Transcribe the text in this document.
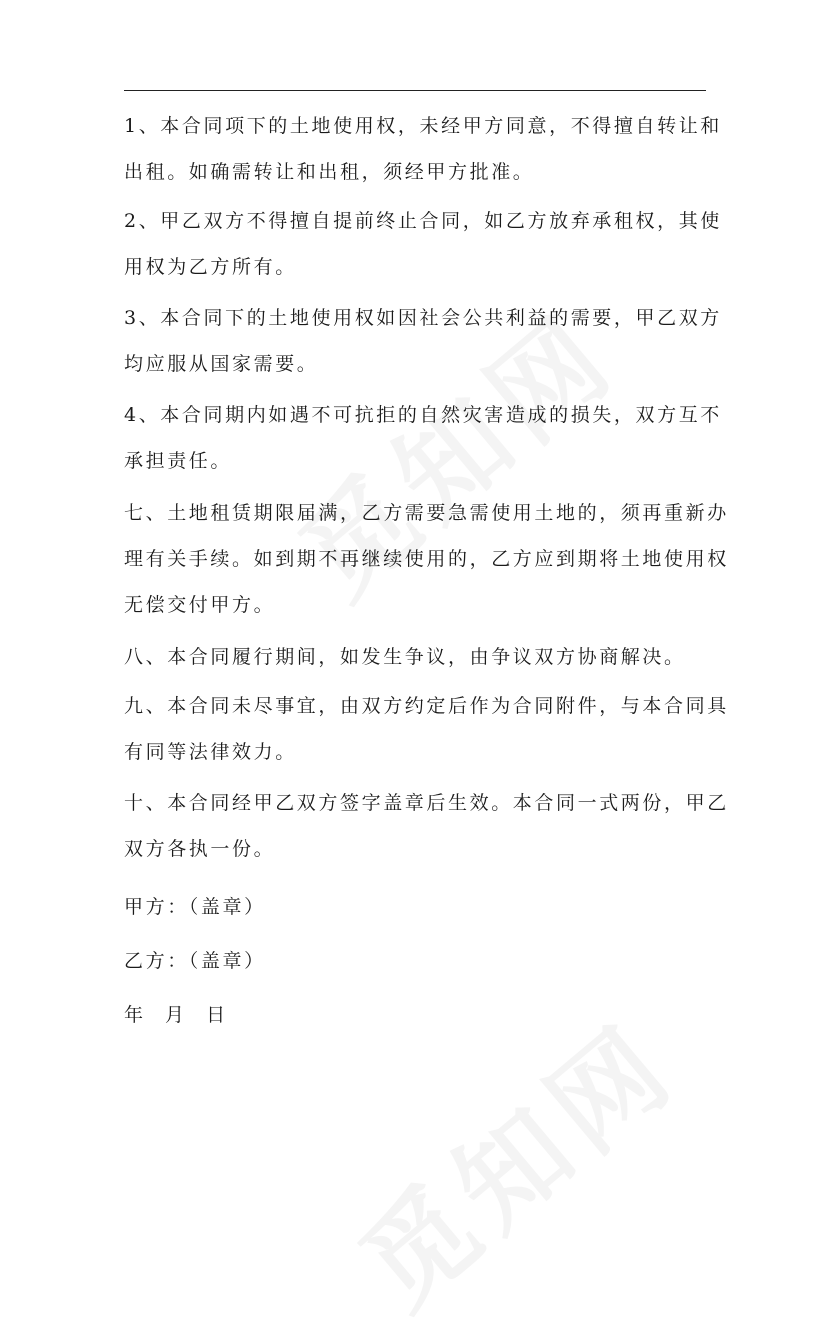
1、本合同项下的土地使用权，未经甲方同意，不得擅自转让和
出租。如确需转让和出租，须经甲方批准。
2、甲乙双方不得擅自提前终止合同，如乙方放弃承租权，其使
用权为乙方所有。
3、本合同下的土地使用权如因社会公共利益的需要，甲乙双方
均应服从国家需要。
4、本合同期内如遇不可抗拒的自然灾害造成的损失，双方互不
承担责任。
七、土地租赁期限届满，乙方需要急需使用土地的，须再重新办
理有关手续。如到期不再继续使用的，乙方应到期将土地使用权
无偿交付甲方。
八、本合同履行期间，如发生争议，由争议双方协商解决。
九、本合同未尽事宜，由双方约定后作为合同附件，与本合同具
有同等法律效力。
十、本合同经甲乙双方签字盖章后生效。本合同一式两份，甲乙
双方各执一份。
甲方：（盖章）
乙方：（盖章）
年 月 日
